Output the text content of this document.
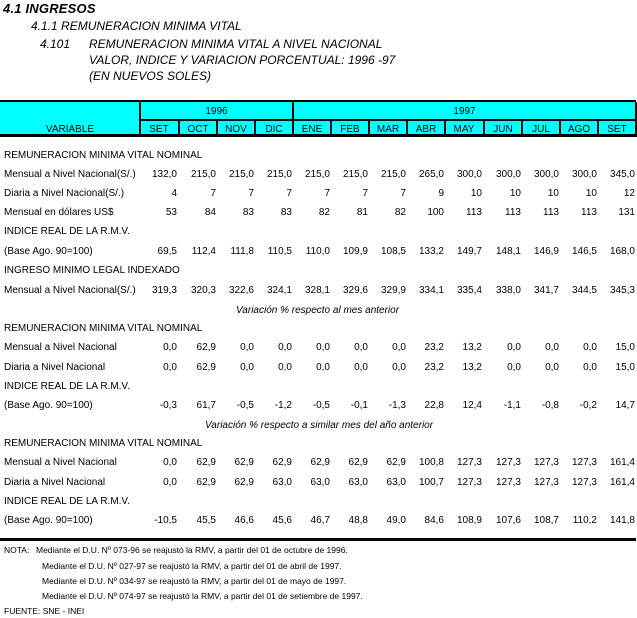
4.1 INGRESOS
4.1.1 REMUNERACION MINIMA VITAL
4.101 REMUNERACION MINIMA VITAL A NIVEL NACIONAL
VALOR, INDICE Y VARIACION PORCENTUAL: 1996 -97
(EN NUEVOS SOLES)
VARIABLE
1996	1997
SET	OCT	NOV	DIC	ENE	FEB	MAR	ABR	MAY	JUN	JUL	AGO	SET
REMUNERACION MINIMA VITAL NOMINAL
Mensual a Nivel Nacional(S/.)	132,0	215,0	215,0	215,0	215,0	215,0	215,0	265,0	300,0	300,0	300,0	300,0	345,0
Diaria a Nivel Nacional(S/.)	4	7	7	7	7	7	7	9	10	10	10	10	12
Mensual en dólares US$	53	84	83	83	82	81	82	100	113	113	113	113	131
INDICE REAL DE LA R.M.V.
(Base Ago. 90=100)	69,5	112,4	111,8	110,5	110,0	109,9	108,5	133,2	149,7	148,1	146,9	146,5	168,0
INGRESO MINIMO LEGAL INDEXADO
Mensual a Nivel Nacional(S/.)	319,3	320,3	322,6	324,1	328,1	329,6	329,9	334,1	335,4	338,0	341,7	344,5	345,3
Variación % respecto al mes anterior
REMUNERACION MINIMA VITAL NOMINAL
Mensual a Nivel Nacional	0,0	62,9	0,0	0,0	0,0	0,0	0,0	23,2	13,2	0,0	0,0	0,0	15,0
Diaria a Nivel Nacional	0,0	62,9	0,0	0,0	0,0	0,0	0,0	23,2	13,2	0,0	0,0	0,0	15,0
INDICE REAL DE LA R.M.V.
(Base Ago. 90=100)	-0,3	61,7	-0,5	-1,2	-0,5	-0,1	-1,3	22,8	12,4	-1,1	-0,8	-0,2	14,7
Variación % respecto a similar mes del año anterior
REMUNERACION MINIMA VITAL NOMINAL
Mensual a Nivel Nacional	0,0	62,9	62,9	62,9	62,9	62,9	62,9	100,8	127,3	127,3	127,3	127,3	161,4
Diaria a Nivel Nacional	0,0	62,9	62,9	63,0	63,0	63,0	63,0	100,7	127,3	127,3	127,3	127,3	161,4
INDICE REAL DE LA R.M.V.
(Base Ago. 90=100)	-10,5	45,5	46,6	45,6	46,7	48,8	49,0	84,6	108,9	107,6	108,7	110,2	141,8
NOTA: Mediante el D.U. Nº 073-96 se reajustó la RMV, a partir del 01 de octubre de 1996.
Mediante el D.U. Nº 027-97 se reajustó la RMV, a partir del 01 de abril de 1997.
Mediante el D.U. Nº 034-97 se reajustó la RMV, a partir del 01 de mayo de 1997.
Mediante el D.U. Nº 074-97 se reajustó la RMV, a partir del 01 de setiembre de 1997.
FUENTE: SNE - INEI
